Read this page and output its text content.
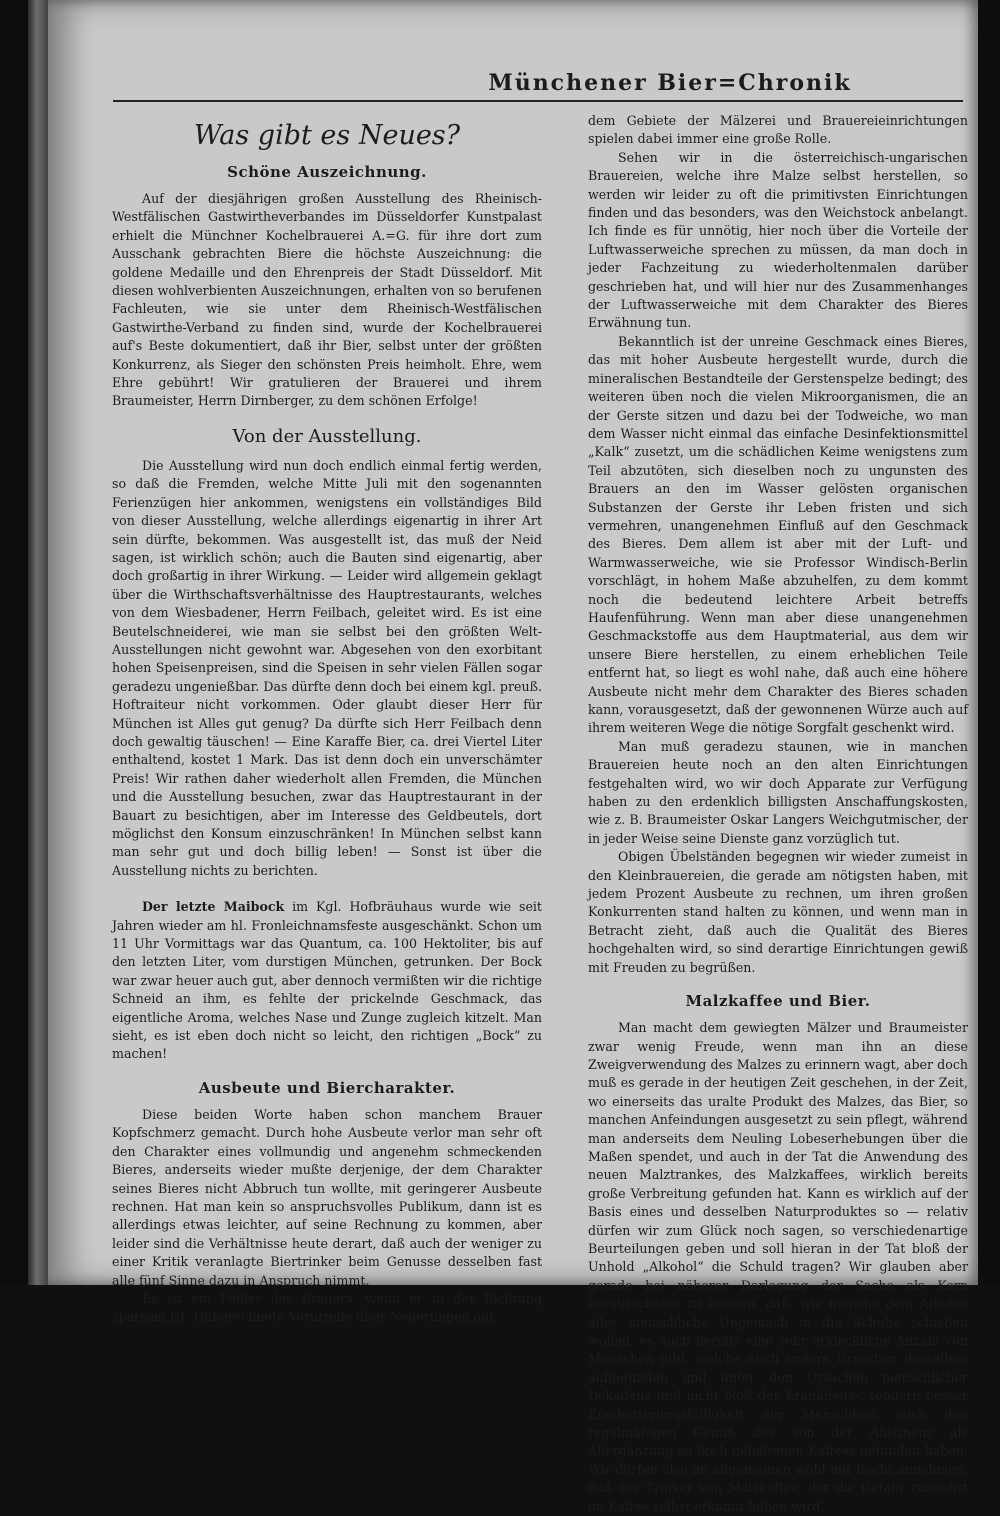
Münchener Bier=Chronik
Was gibt es Neues?
Schöne Auszeichnung.

Auf der diesjährigen großen Ausstellung des Rheinisch-Westfälischen Gastwirtheverbandes im Düsseldorfer Kunstpalast erhielt die Münchner Kochelbrauerei A.=G. für ihre dort zum Ausschank gebrachten Biere die höchste Auszeichnung: die goldene Medaille und den Ehrenpreis der Stadt Düsseldorf. Mit diesen wohlverbienten Auszeichnungen, erhalten von so berufenen Fachleuten, wie sie unter dem Rheinisch-Westfälischen Gastwirthe-Verband zu finden sind, wurde der Kochelbrauerei auf's Beste dokumentiert, daß ihr Bier, selbst unter der größten Konkurrenz, als Sieger den schönsten Preis heimholt. Ehre, wem Ehre gebührt! Wir gratulieren der Brauerei und ihrem Braumeister, Herrn Dirnberger, zu dem schönen Erfolge!

Von der Ausstellung.

Die Ausstellung wird nun doch endlich einmal fertig werden, so daß die Fremden, welche Mitte Juli mit den sogenannten Ferienzügen hier ankommen, wenigstens ein vollständiges Bild von dieser Ausstellung, welche allerdings eigenartig in ihrer Art sein dürfte, bekommen. Was ausgestellt ist, das muß der Neid sagen, ist wirklich schön; auch die Bauten sind eigenartig, aber doch großartig in ihrer Wirkung. — Leider wird allgemein geklagt über die Wirthschaftsverhältnisse des Hauptrestaurants, welches von dem Wiesbadener, Herrn Feilbach, geleitet wird. Es ist eine Beutelschneiderei, wie man sie selbst bei den größten Welt-Ausstellungen nicht gewohnt war. Abgesehen von den exorbitant hohen Speisenpreisen, sind die Speisen in sehr vielen Fällen sogar geradezu ungenießbar. Das dürfte denn doch bei einem kgl. preuß. Hoftraiteur nicht vorkommen. Oder glaubt dieser Herr für München ist Alles gut genug? Da dürfte sich Herr Feilbach denn doch gewaltig täuschen! — Eine Karaffe Bier, ca. drei Viertel Liter enthaltend, kostet 1 Mark. Das ist denn doch ein unverschämter Preis! Wir rathen daher wiederholt allen Fremden, die München und die Ausstellung besuchen, zwar das Hauptrestaurant in der Bauart zu besichtigen, aber im Interesse des Geldbeutels, dort möglichst den Konsum einzuschränken! In München selbst kann man sehr gut und doch billig leben! — Sonst ist über die Ausstellung nichts zu berichten.

Der letzte Maibock im Kgl. Hofbräuhaus wurde wie seit Jahren wieder am hl. Fronleichnamsfeste ausgeschänkt. Schon um 11 Uhr Vormittags war das Quantum, ca. 100 Hektoliter, bis auf den letzten Liter, vom durstigen München, getrunken. Der Bock war zwar heuer auch gut, aber dennoch vermißten wir die richtige Schneid an ihm, es fehlte der prickelnde Geschmack, das eigentliche Aroma, welches Nase und Zunge zugleich kitzelt. Man sieht, es ist eben doch nicht so leicht, den richtigen „Bock“ zu machen!

Ausbeute und Biercharakter.

Diese beiden Worte haben schon manchem Brauer Kopfschmerz gemacht. Durch hohe Ausbeute verlor man sehr oft den Charakter eines vollmundig und angenehm schmeckenden Bieres, anderseits wieder mußte derjenige, der dem Charakter seines Bieres nicht Abbruch tun wollte, mit geringerer Ausbeute rechnen. Hat man kein so anspruchsvolles Publikum, dann ist es allerdings etwas leichter, auf seine Rechnung zu kommen, aber leider sind die Verhältnisse heute derart, daß auch der weniger zu einer Kritik veranlagte Biertrinker beim Genusse desselben fast alle fünf Sinne dazu in Anspruch nimmt.

Es ist ein Fehler des Brauers, wenn er in der Richtung sparsam ist. Unberechnete Vorurteile über Neuerungen auf

dem Gebiete der Mälzerei und Brauereieinrichtungen spielen dabei immer eine große Rolle.

Sehen wir in die österreichisch-ungarischen Brauereien, welche ihre Malze selbst herstellen, so werden wir leider zu oft die primitivsten Einrichtungen finden und das besonders, was den Weichstock anbelangt. Ich finde es für unnötig, hier noch über die Vorteile der Luftwasserweiche sprechen zu müssen, da man doch in jeder Fachzeitung zu wiederholtenmalen darüber geschrieben hat, und will hier nur des Zusammenhanges der Luftwasserweiche mit dem Charakter des Bieres Erwähnung tun.

Bekanntlich ist der unreine Geschmack eines Bieres, das mit hoher Ausbeute hergestellt wurde, durch die mineralischen Bestandteile der Gerstenspelze bedingt; des weiteren üben noch die vielen Mikroorganismen, die an der Gerste sitzen und dazu bei der Todweiche, wo man dem Wasser nicht einmal das einfache Desinfektionsmittel „Kalk“ zusetzt, um die schädlichen Keime wenigstens zum Teil abzutöten, sich dieselben noch zu ungunsten des Brauers an den im Wasser gelösten organischen Substanzen der Gerste ihr Leben fristen und sich vermehren, unangenehmen Einfluß auf den Geschmack des Bieres. Dem allem ist aber mit der Luft- und Warmwasserweiche, wie sie Professor Windisch-Berlin vorschlägt, in hohem Maße abzuhelfen, zu dem kommt noch die bedeutend leichtere Arbeit betreffs Haufenführung. Wenn man aber diese unangenehmen Geschmackstoffe aus dem Hauptmaterial, aus dem wir unsere Biere herstellen, zu einem erheblichen Teile entfernt hat, so liegt es wohl nahe, daß auch eine höhere Ausbeute nicht mehr dem Charakter des Bieres schaden kann, vorausgesetzt, daß der gewonnenen Würze auch auf ihrem weiteren Wege die nötige Sorgfalt geschenkt wird.

Man muß geradezu staunen, wie in manchen Brauereien heute noch an den alten Einrichtungen festgehalten wird, wo wir doch Apparate zur Verfügung haben zu den erdenklich billigsten Anschaffungskosten, wie z. B. Braumeister Oskar Langers Weichgutmischer, der in jeder Weise seine Dienste ganz vorzüglich tut.

Obigen Übelständen begegnen wir wieder zumeist in den Kleinbrauereien, die gerade am nötigsten haben, mit jedem Prozent Ausbeute zu rechnen, um ihren großen Konkurrenten stand halten zu können, und wenn man in Betracht zieht, daß auch die Qualität des Bieres hochgehalten wird, so sind derartige Einrichtungen gewiß mit Freuden zu begrüßen.

Malzkaffee und Bier.

Man macht dem gewiegten Mälzer und Braumeister zwar wenig Freude, wenn man ihn an diese Zweigverwendung des Malzes zu erinnern wagt, aber doch muß es gerade in der heutigen Zeit geschehen, in der Zeit, wo einerseits das uralte Produkt des Malzes, das Bier, so manchen Anfeindungen ausgesetzt zu sein pflegt, während man anderseits dem Neuling Lobeserhebungen über die Maßen spendet, und auch in der Tat die Anwendung des neuen Malztrankes, des Malzkaffees, wirklich bereits große Verbreitung gefunden hat. Kann es wirklich auf der Basis eines und desselben Naturproduktes so — relativ dürfen wir zum Glück noch sagen, so verschiedenartige Beurteilungen geben und soll hieran in der Tat bloß der Unhold „Alkohol“ die Schuld tragen? Wir glauben aber gerade bei näherer Darlegung der Sache als Kern herausschälen zu können, daß, wie manche dem Alkohol alles menschliche Ungemach in die Schuhe schieben wollen, es auch bereits eine sehr erkleckliche Anzahl von Menschen gibt, welche auch andere Ursachen desselben aufgefunden und unter den Ursachen menschlicher Dekadenz und nicht bloß der Krankheits-, sondern besser Erschütterungsfälligkeit der Menschheit auch den regelmäßigen Genuß des von der Abstinenz als Allergänzung so hoch gehaltenen Kaffees gefunden haben. Wir dürfen also im allgemeinen wohl mit Recht annehmen, daß der Trinker von Malzkaffee, der die Gefahr zunächst im Kaffee selbst erkannt haben wird,
